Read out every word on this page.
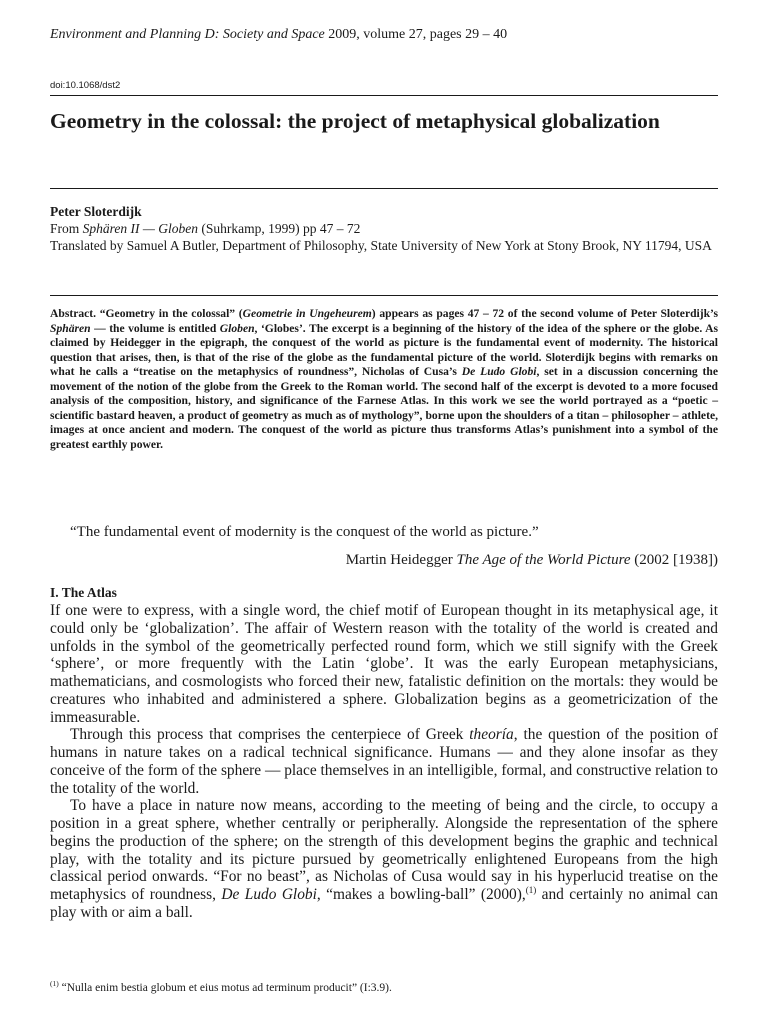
Environment and Planning D: Society and Space 2009, volume 27, pages 29 – 40
doi:10.1068/dst2
Geometry in the colossal: the project of metaphysical globalization
Peter Sloterdijk
From Sphären II — Globen (Suhrkamp, 1999) pp 47 – 72
Translated by Samuel A Butler, Department of Philosophy, State University of New York at Stony Brook, NY 11794, USA
Abstract. “Geometry in the colossal” (Geometrie in Ungeheurem) appears as pages 47 – 72 of the second volume of Peter Sloterdijk’s Sphären — the volume is entitled Globen, ‘Globes’. The excerpt is a beginning of the history of the idea of the sphere or the globe. As claimed by Heidegger in the epigraph, the conquest of the world as picture is the fundamental event of modernity. The historical question that arises, then, is that of the rise of the globe as the fundamental picture of the world. Sloterdijk begins with remarks on what he calls a “treatise on the metaphysics of roundness”, Nicholas of Cusa’s De Ludo Globi, set in a discussion concerning the movement of the notion of the globe from the Greek to the Roman world. The second half of the excerpt is devoted to a more focused analysis of the composition, history, and significance of the Farnese Atlas. In this work we see the world portrayed as a “poetic – scientific bastard heaven, a product of geometry as much as of mythology”, borne upon the shoulders of a titan – philosopher – athlete, images at once ancient and modern. The conquest of the world as picture thus transforms Atlas’s punishment into a symbol of the greatest earthly power.
“The fundamental event of modernity is the conquest of the world as picture.”
Martin Heidegger The Age of the World Picture (2002 [1938])
I. The Atlas

If one were to express, with a single word, the chief motif of European thought in its metaphysical age, it could only be ‘globalization’. The affair of Western reason with the totality of the world is created and unfolds in the symbol of the geometrically perfected round form, which we still signify with the Greek ‘sphere’, or more frequently with the Latin ‘globe’. It was the early European metaphysicians, mathematicians, and cosmologists who forced their new, fatalistic definition on the mortals: they would be creatures who inhabited and administered a sphere. Globalization begins as a geometricization of the immeasurable.

Through this process that comprises the centerpiece of Greek theoría, the question of the position of humans in nature takes on a radical technical significance. Humans — and they alone insofar as they conceive of the form of the sphere — place themselves in an intelligible, formal, and constructive relation to the totality of the world.

To have a place in nature now means, according to the meeting of being and the circle, to occupy a position in a great sphere, whether centrally or peripherally. Alongside the representation of the sphere begins the production of the sphere; on the strength of this development begins the graphic and technical play, with the totality and its picture pursued by geometrically enlightened Europeans from the high classical period onwards. “For no beast”, as Nicholas of Cusa would say in his hyperlucid treatise on the metaphysics of roundness, De Ludo Globi, “makes a bowling-ball” (2000),$^{(1)}$ and certainly no animal can play with or aim a ball.

$^{(1)}$ “Nulla enim bestia globum et eius motus ad terminum producit” (I:3.9).
